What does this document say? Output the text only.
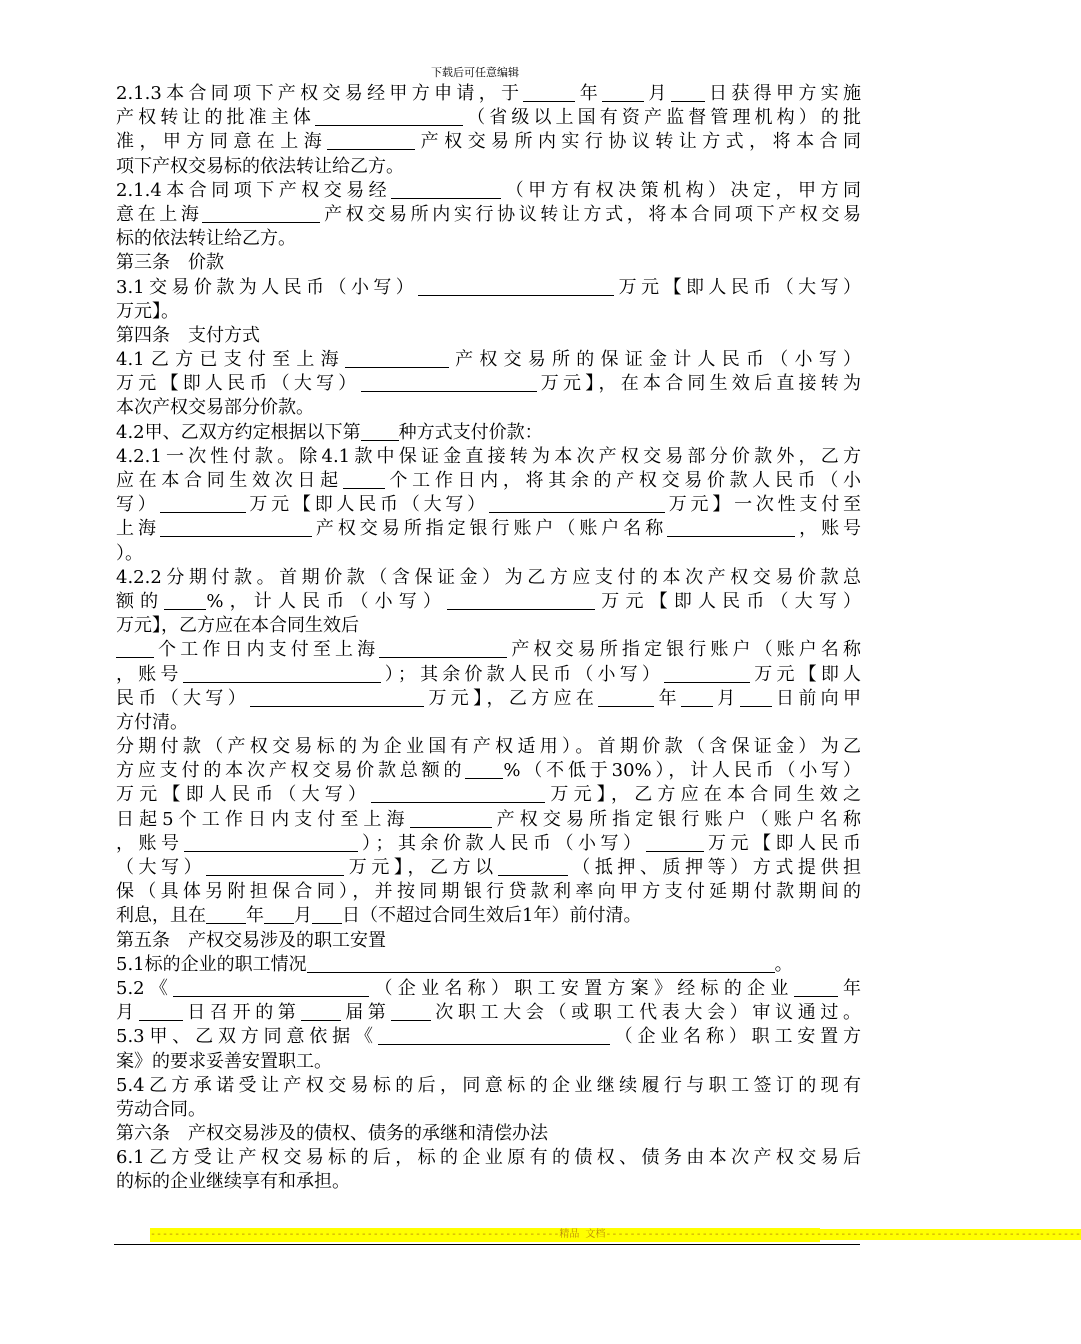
下载后可任意编辑
2.1.3本合同项下产权交易经甲方申请，于	年 月 日获得甲方实施
产权转让的批准主体	（省级以上国有资产监督管理机构）的批
准，甲方同意在上海	产权交易所内实行协议转让方式，将本合同
项下产权交易标的依法转让给乙方。
2.1.4本合同项下产权交易经	（甲方有权决策机构）决定，甲方同
意在上海	产权交易所内实行协议转让方式，将本合同项下产权交易
标的依法转让给乙方。
第三条　价款
3.1交易价款为人民币（小写）	万元【即人民币（大写）
万元】。
第四条　支付方式
4.1乙方已支付至上海	产权交易所的保证金计人民币（小写）
万元【即人民币（大写）	万元】，在本合同生效后直接转为
本次产权交易部分价款。
4.2甲、乙双方约定根据以下第 种方式支付价款：
4.2.1一次性付款。除4.1款中保证金直接转为本次产权交易部分价款外，乙方
应在本合同生效次日起 个工作日内，将其余的产权交易价款人民币（小
写）	万元【即人民币（大写）	万元】一次性支付至
上海	产权交易所指定银行账户（账户名称	，账号
）。
4.2.2分期付款。首期价款（含保证金）为乙方应支付的本次产权交易价款总
额的 %，计人民币（小写）	万元【即人民币（大写）
万元】，乙方应在本合同生效后
个工作日内支付至上海	产权交易所指定银行账户（账户名称
，账号	）；其余价款人民币（小写）	万元【即人
民币（大写）	万元】，乙方应在	年 月 日前向甲
方付清。
分期付款（产权交易标的为企业国有产权适用）。首期价款（含保证金）为乙
方应支付的本次产权交易价款总额的 %（不低于30%），计人民币（小写）
万元【即人民币（大写）	万元】，乙方应在本合同生效之
日起5个工作日内支付至上海	产权交易所指定银行账户（账户名称
，账号	）；其余价款人民币（小写）	万元【即人民币
（大写）	万元】，乙方以	（抵押、质押等）方式提供担
保（具体另附担保合同），并按同期银行贷款利率向甲方支付延期付款期间的
利息，且在 年 月 日（不超过合同生效后1年）前付清。
第五条　产权交易涉及的职工安置
5.1标的企业的职工情况	。
5.2《	（企业名称）职工安置方案》经标的企业 年
月 日召开的第 届第 次职工大会（或职工代表大会）审议通过。
5.3甲、乙双方同意依据《	（企业名称）职工安置方
案》的要求妥善安置职工。
5.4乙方承诺受让产权交易标的后，同意标的企业继续履行与职工签订的现有
劳动合同。
第六条　产权交易涉及的债权、债务的承继和清偿办法
6.1乙方受让产权交易标的后，标的企业原有的债权、债务由本次产权交易后
的标的企业继续享有和承担。
--------------------------------------------------------------------精品 文档-------------------------------------------------------------------------------
